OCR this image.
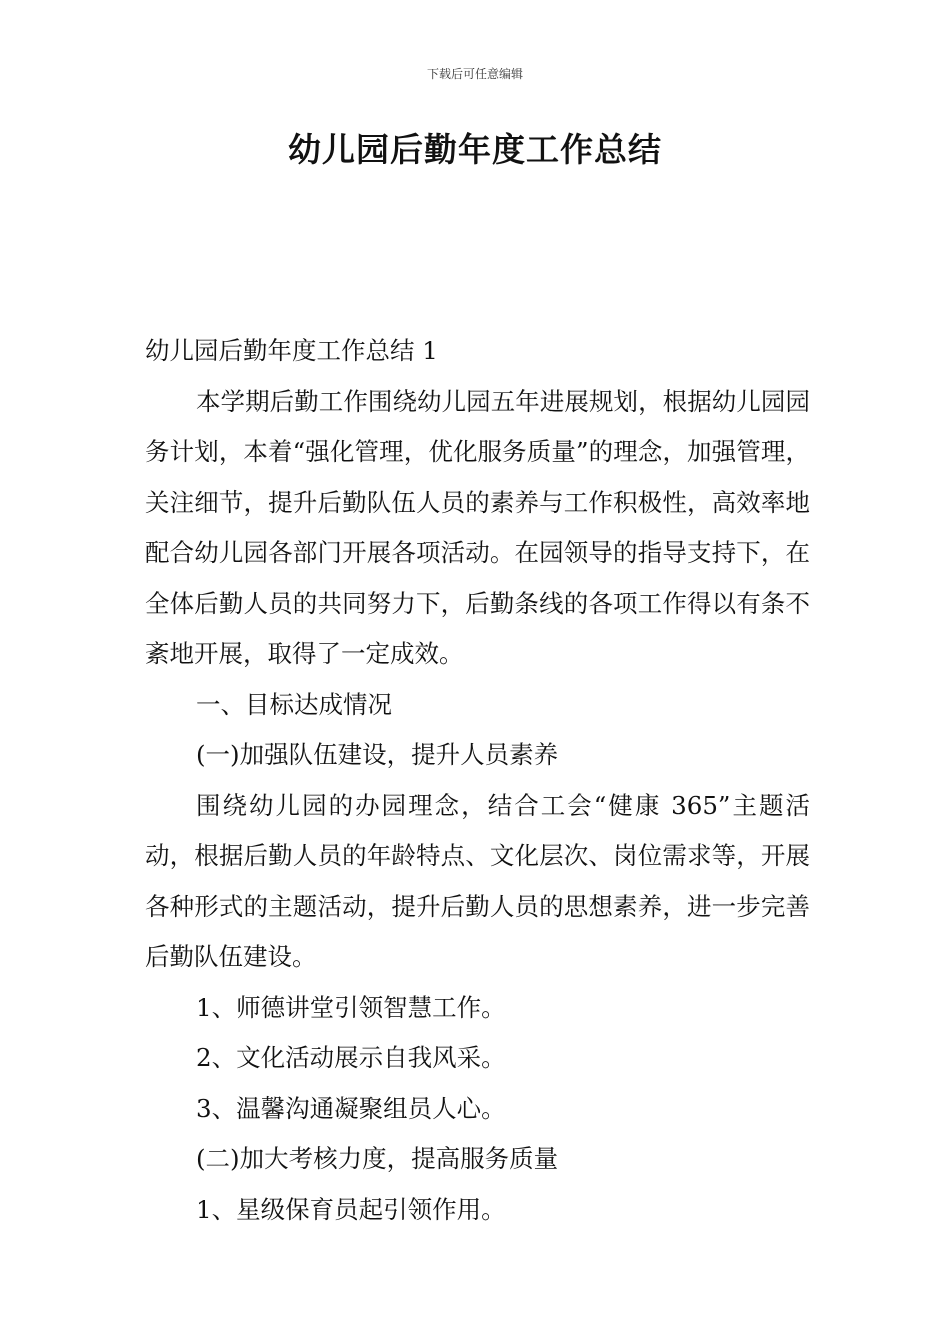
下载后可任意编辑
幼儿园后勤年度工作总结

幼儿园后勤年度工作总结 1

本学期后勤工作围绕幼儿园五年进展规划，根据幼儿园园务计划，本着“强化管理，优化服务质量”的理念，加强管理，关注细节，提升后勤队伍人员的素养与工作积极性，高效率地配合幼儿园各部门开展各项活动。在园领导的指导支持下，在全体后勤人员的共同努力下，后勤条线的各项工作得以有条不紊地开展，取得了一定成效。

一、目标达成情况

(一)加强队伍建设，提升人员素养

围绕幼儿园的办园理念，结合工会“健康 365”主题活动，根据后勤人员的年龄特点、文化层次、岗位需求等，开展各种形式的主题活动，提升后勤人员的思想素养，进一步完善后勤队伍建设。

1、师德讲堂引领智慧工作。

2、文化活动展示自我风采。

3、温馨沟通凝聚组员人心。

(二)加大考核力度，提高服务质量

1、星级保育员起引领作用。
